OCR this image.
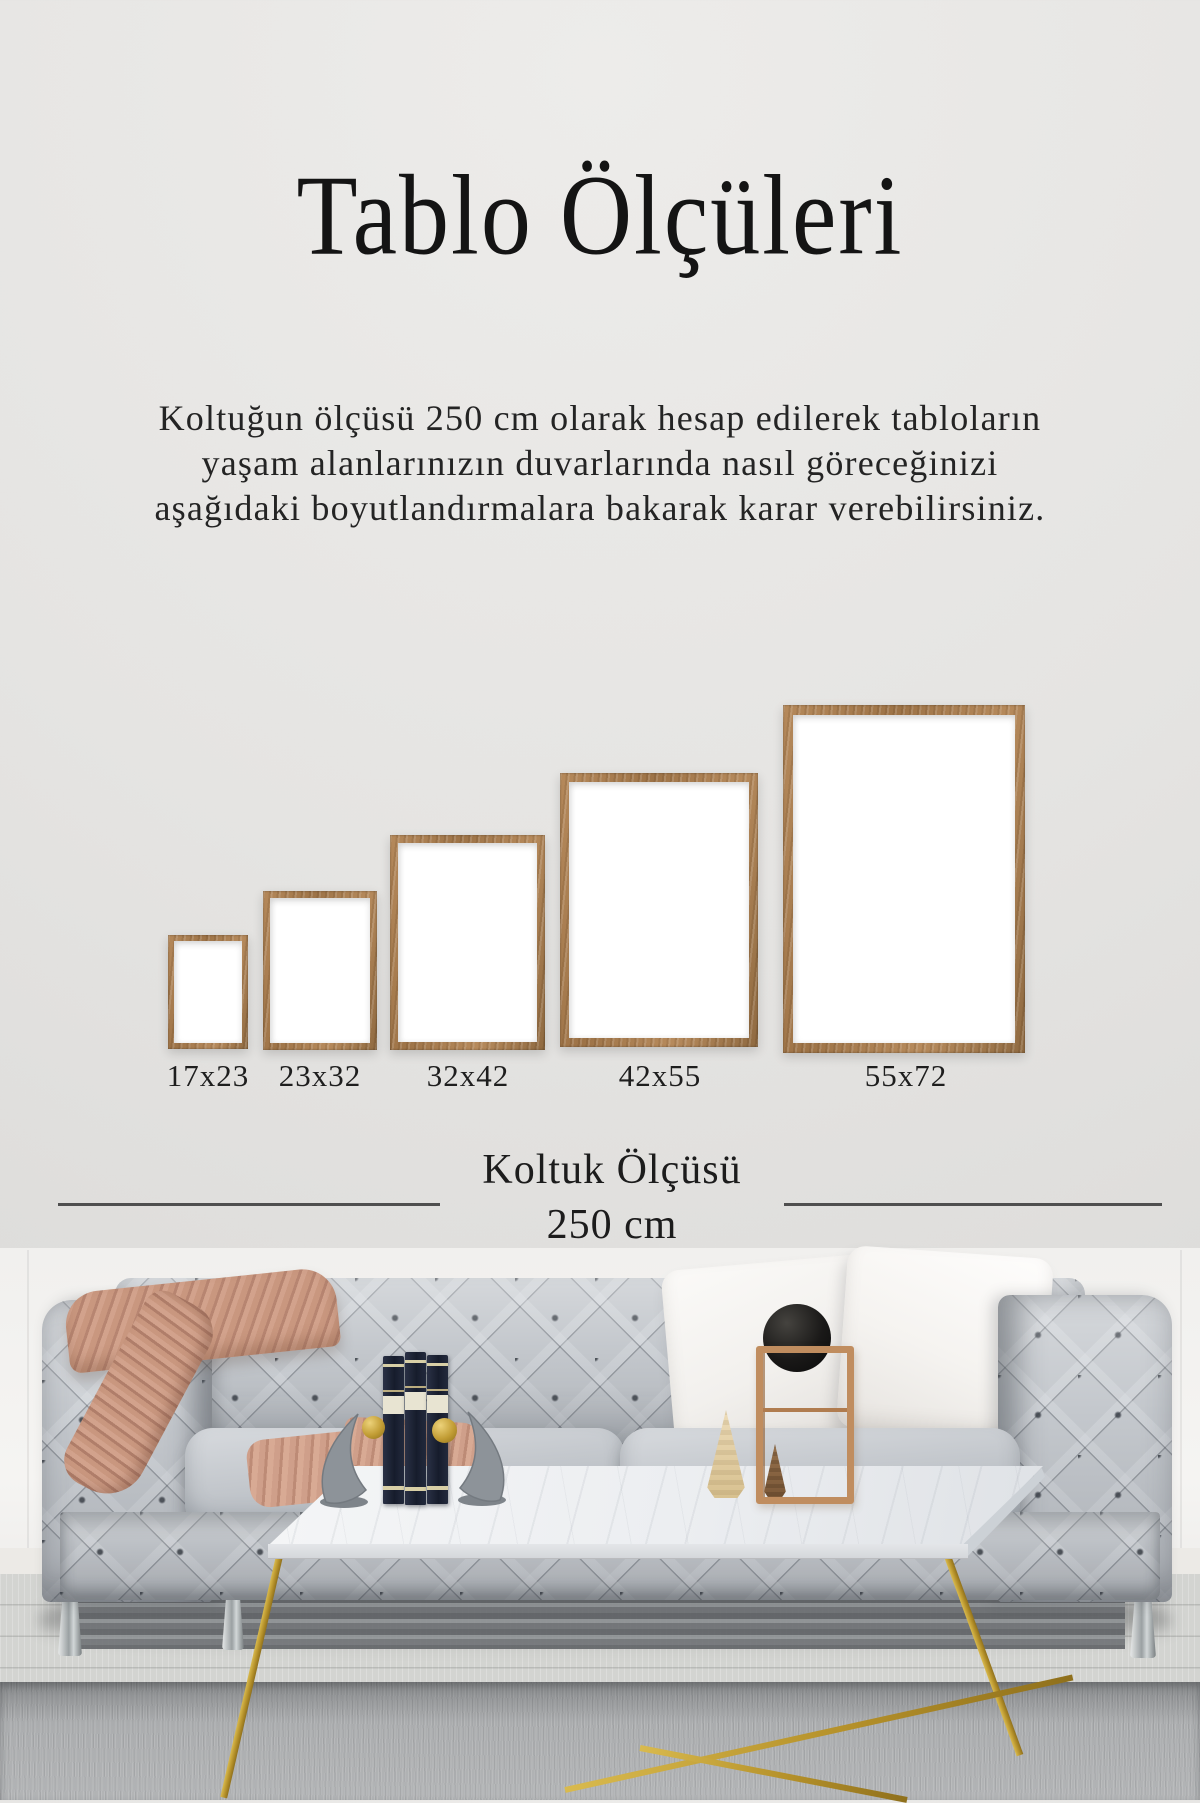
Tablo Ölçüleri
Koltuğun ölçüsü 250 cm olarak hesap edilerek tabloların
yaşam alanlarınızın duvarlarında nasıl göreceğinizi
aşağıdaki boyutlandırmalara bakarak karar verebilirsiniz.
17x23 23x32	32x42	42x55	55x72
Koltuk Ölçüsü
250 cm
